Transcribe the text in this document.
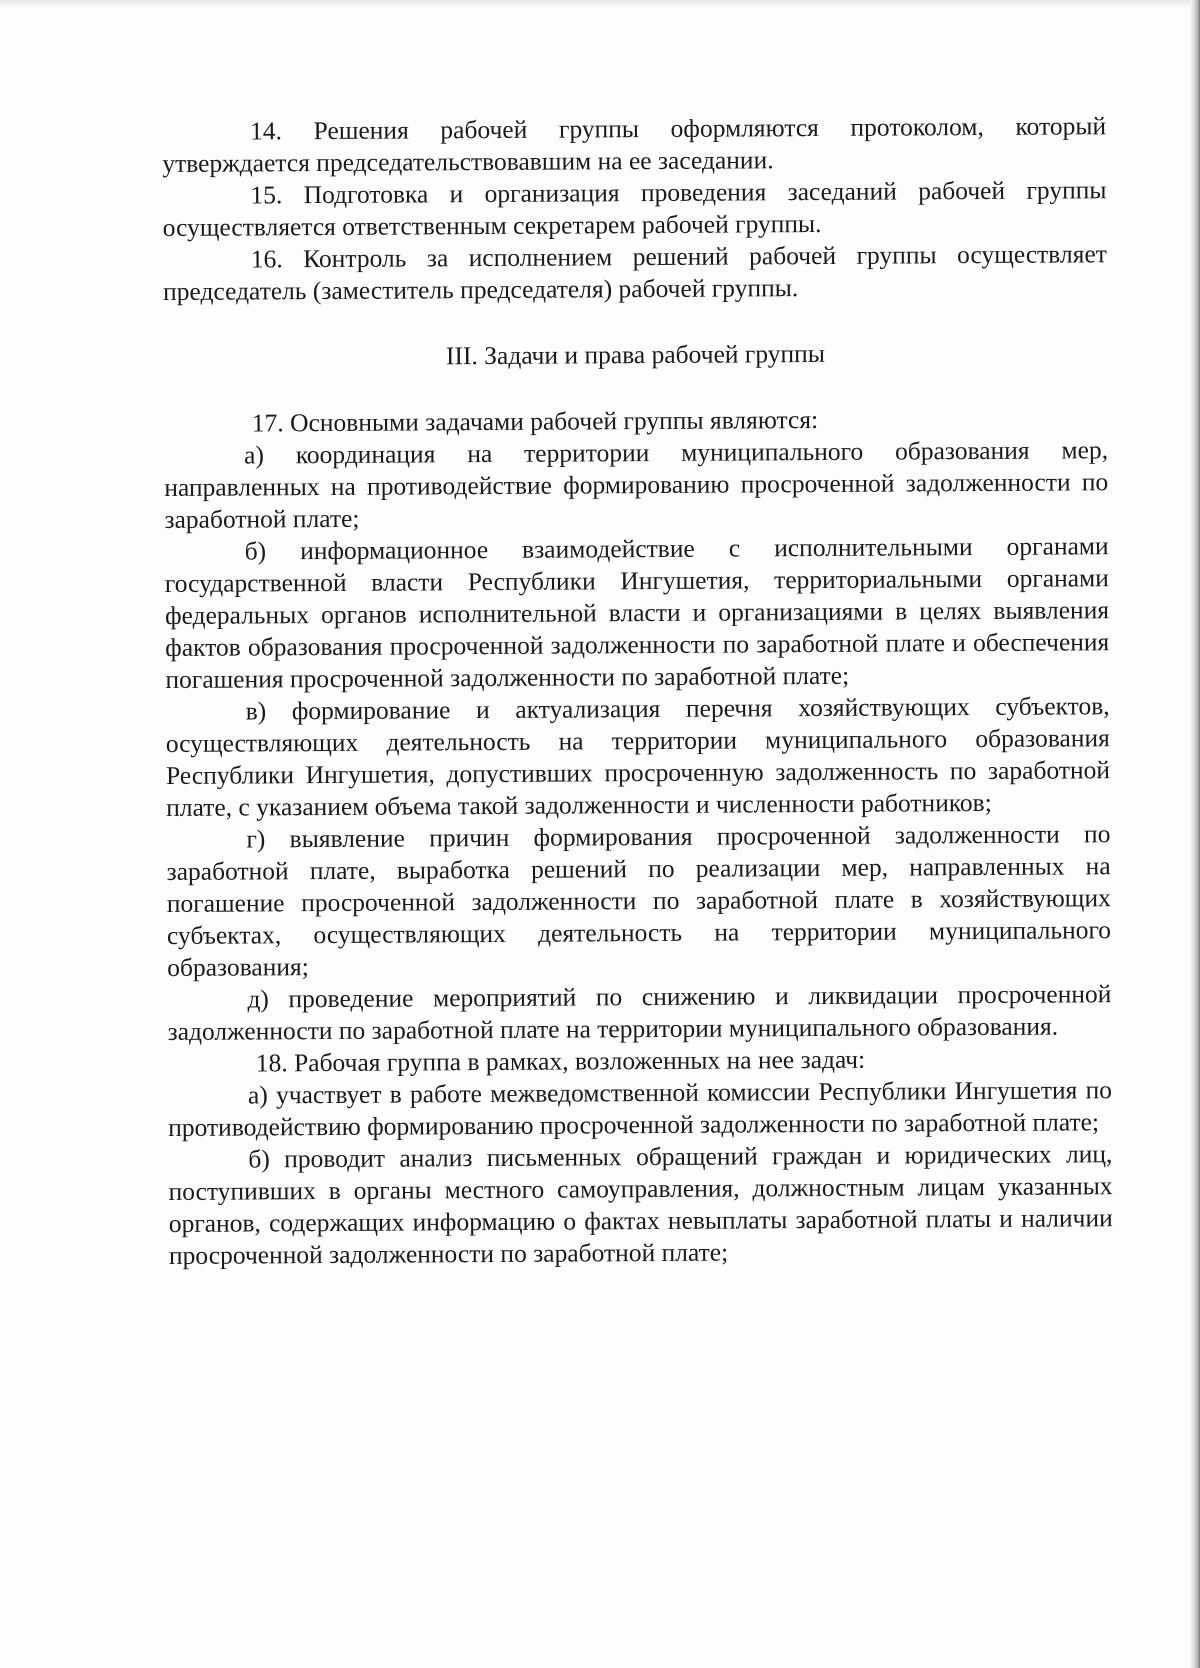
14. Решения рабочей группы оформляются протоколом, который утверждается председательствовавшим на ее заседании.

15. Подготовка и организация проведения заседаний рабочей группы осуществляется ответственным секретарем рабочей группы.

16. Контроль за исполнением решений рабочей группы осуществляет председатель (заместитель председателя) рабочей группы.

III. Задачи и права рабочей группы

17. Основными задачами рабочей группы являются:

а) координация на территории муниципального образования мер, направленных на противодействие формированию просроченной задолженности по заработной плате;

б) информационное взаимодействие с исполнительными органами государственной власти Республики Ингушетия, территориальными органами федеральных органов исполнительной власти и организациями в целях выявления фактов образования просроченной задолженности по заработной плате и обеспечения погашения просроченной задолженности по заработной плате;

в) формирование и актуализация перечня хозяйствующих субъектов, осуществляющих деятельность на территории муниципального образования Республики Ингушетия, допустивших просроченную задолженность по заработной плате, с указанием объема такой задолженности и численности работников;

г) выявление причин формирования просроченной задолженности по заработной плате, выработка решений по реализации мер, направленных на погашение просроченной задолженности по заработной плате в хозяйствующих субъектах, осуществляющих деятельность на территории муниципального образования;

д) проведение мероприятий по снижению и ликвидации просроченной задолженности по заработной плате на территории муниципального образования.

18. Рабочая группа в рамках, возложенных на нее задач:

а) участвует в работе межведомственной комиссии Республики Ингушетия по противодействию формированию просроченной задолженности по заработной плате;

б) проводит анализ письменных обращений граждан и юридических лиц, поступивших в органы местного самоуправления, должностным лицам указанных органов, содержащих информацию о фактах невыплаты заработной платы и наличии просроченной задолженности по заработной плате;
